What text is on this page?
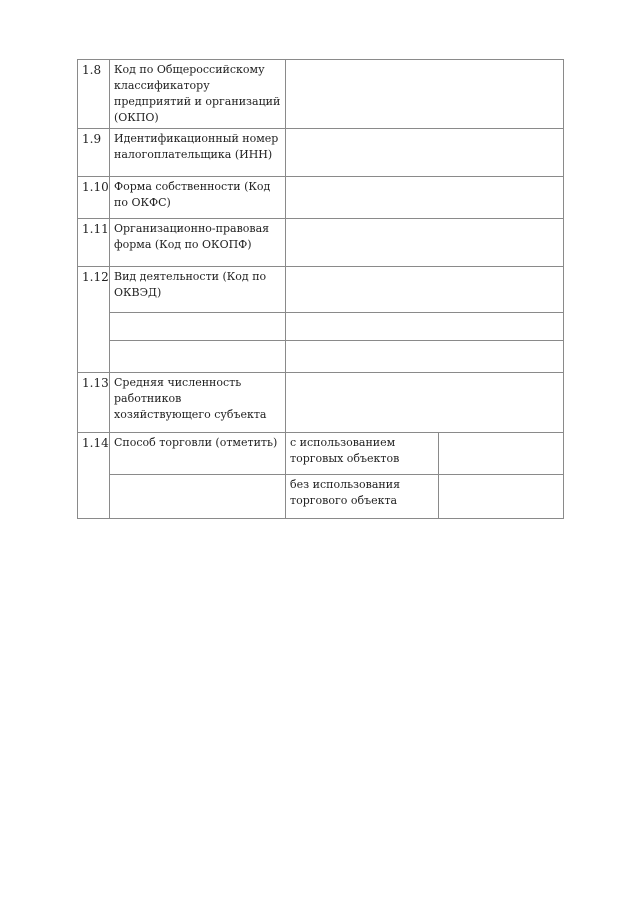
1.8	Код по Общероссийскому классификатору предприятий и организаций (ОКПО)		
1.9	Идентификационный номер налогоплательщика (ИНН)		
1.10	Форма собственности (Код по ОКФС)		
1.11	Организационно-правовая форма (Код по ОКОПФ)		
1.12	Вид деятельности (Код по ОКВЭД)		

1.13	Средняя численность работников хозяйствующего субъекта		
1.14	Способ торговли (отметить)	с использованием торговых объектов	
		без использования торгового объекта	
